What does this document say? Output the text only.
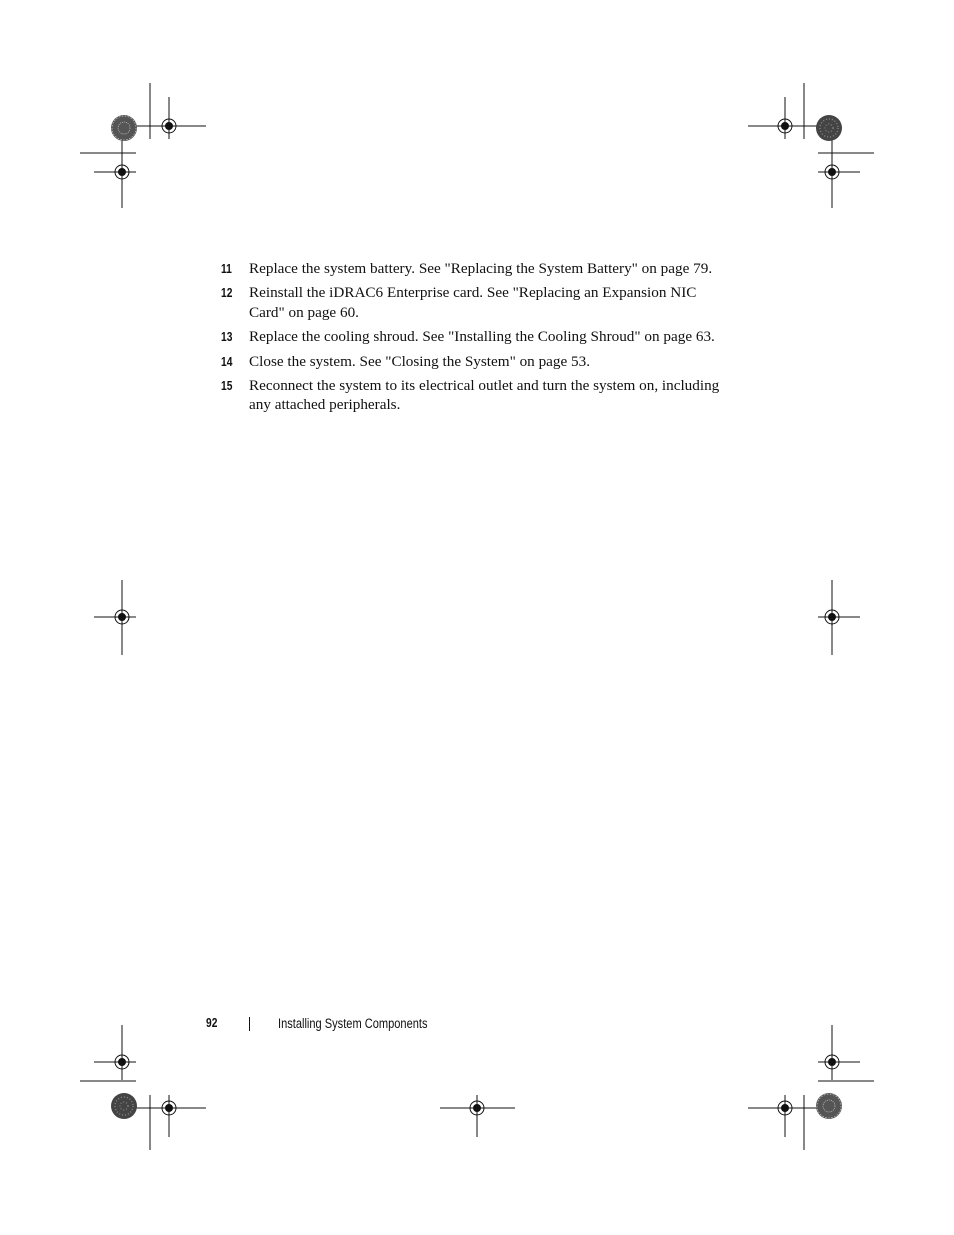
11 Replace the system battery. See "Replacing the System Battery" on page 79.
12 Reinstall the iDRAC6 Enterprise card. See "Replacing an Expansion NIC Card" on page 60.
13 Replace the cooling shroud. See "Installing the Cooling Shroud" on page 63.
14 Close the system. See "Closing the System" on page 53.
15 Reconnect the system to its electrical outlet and turn the system on, including any attached peripherals.
92	Installing System Components
